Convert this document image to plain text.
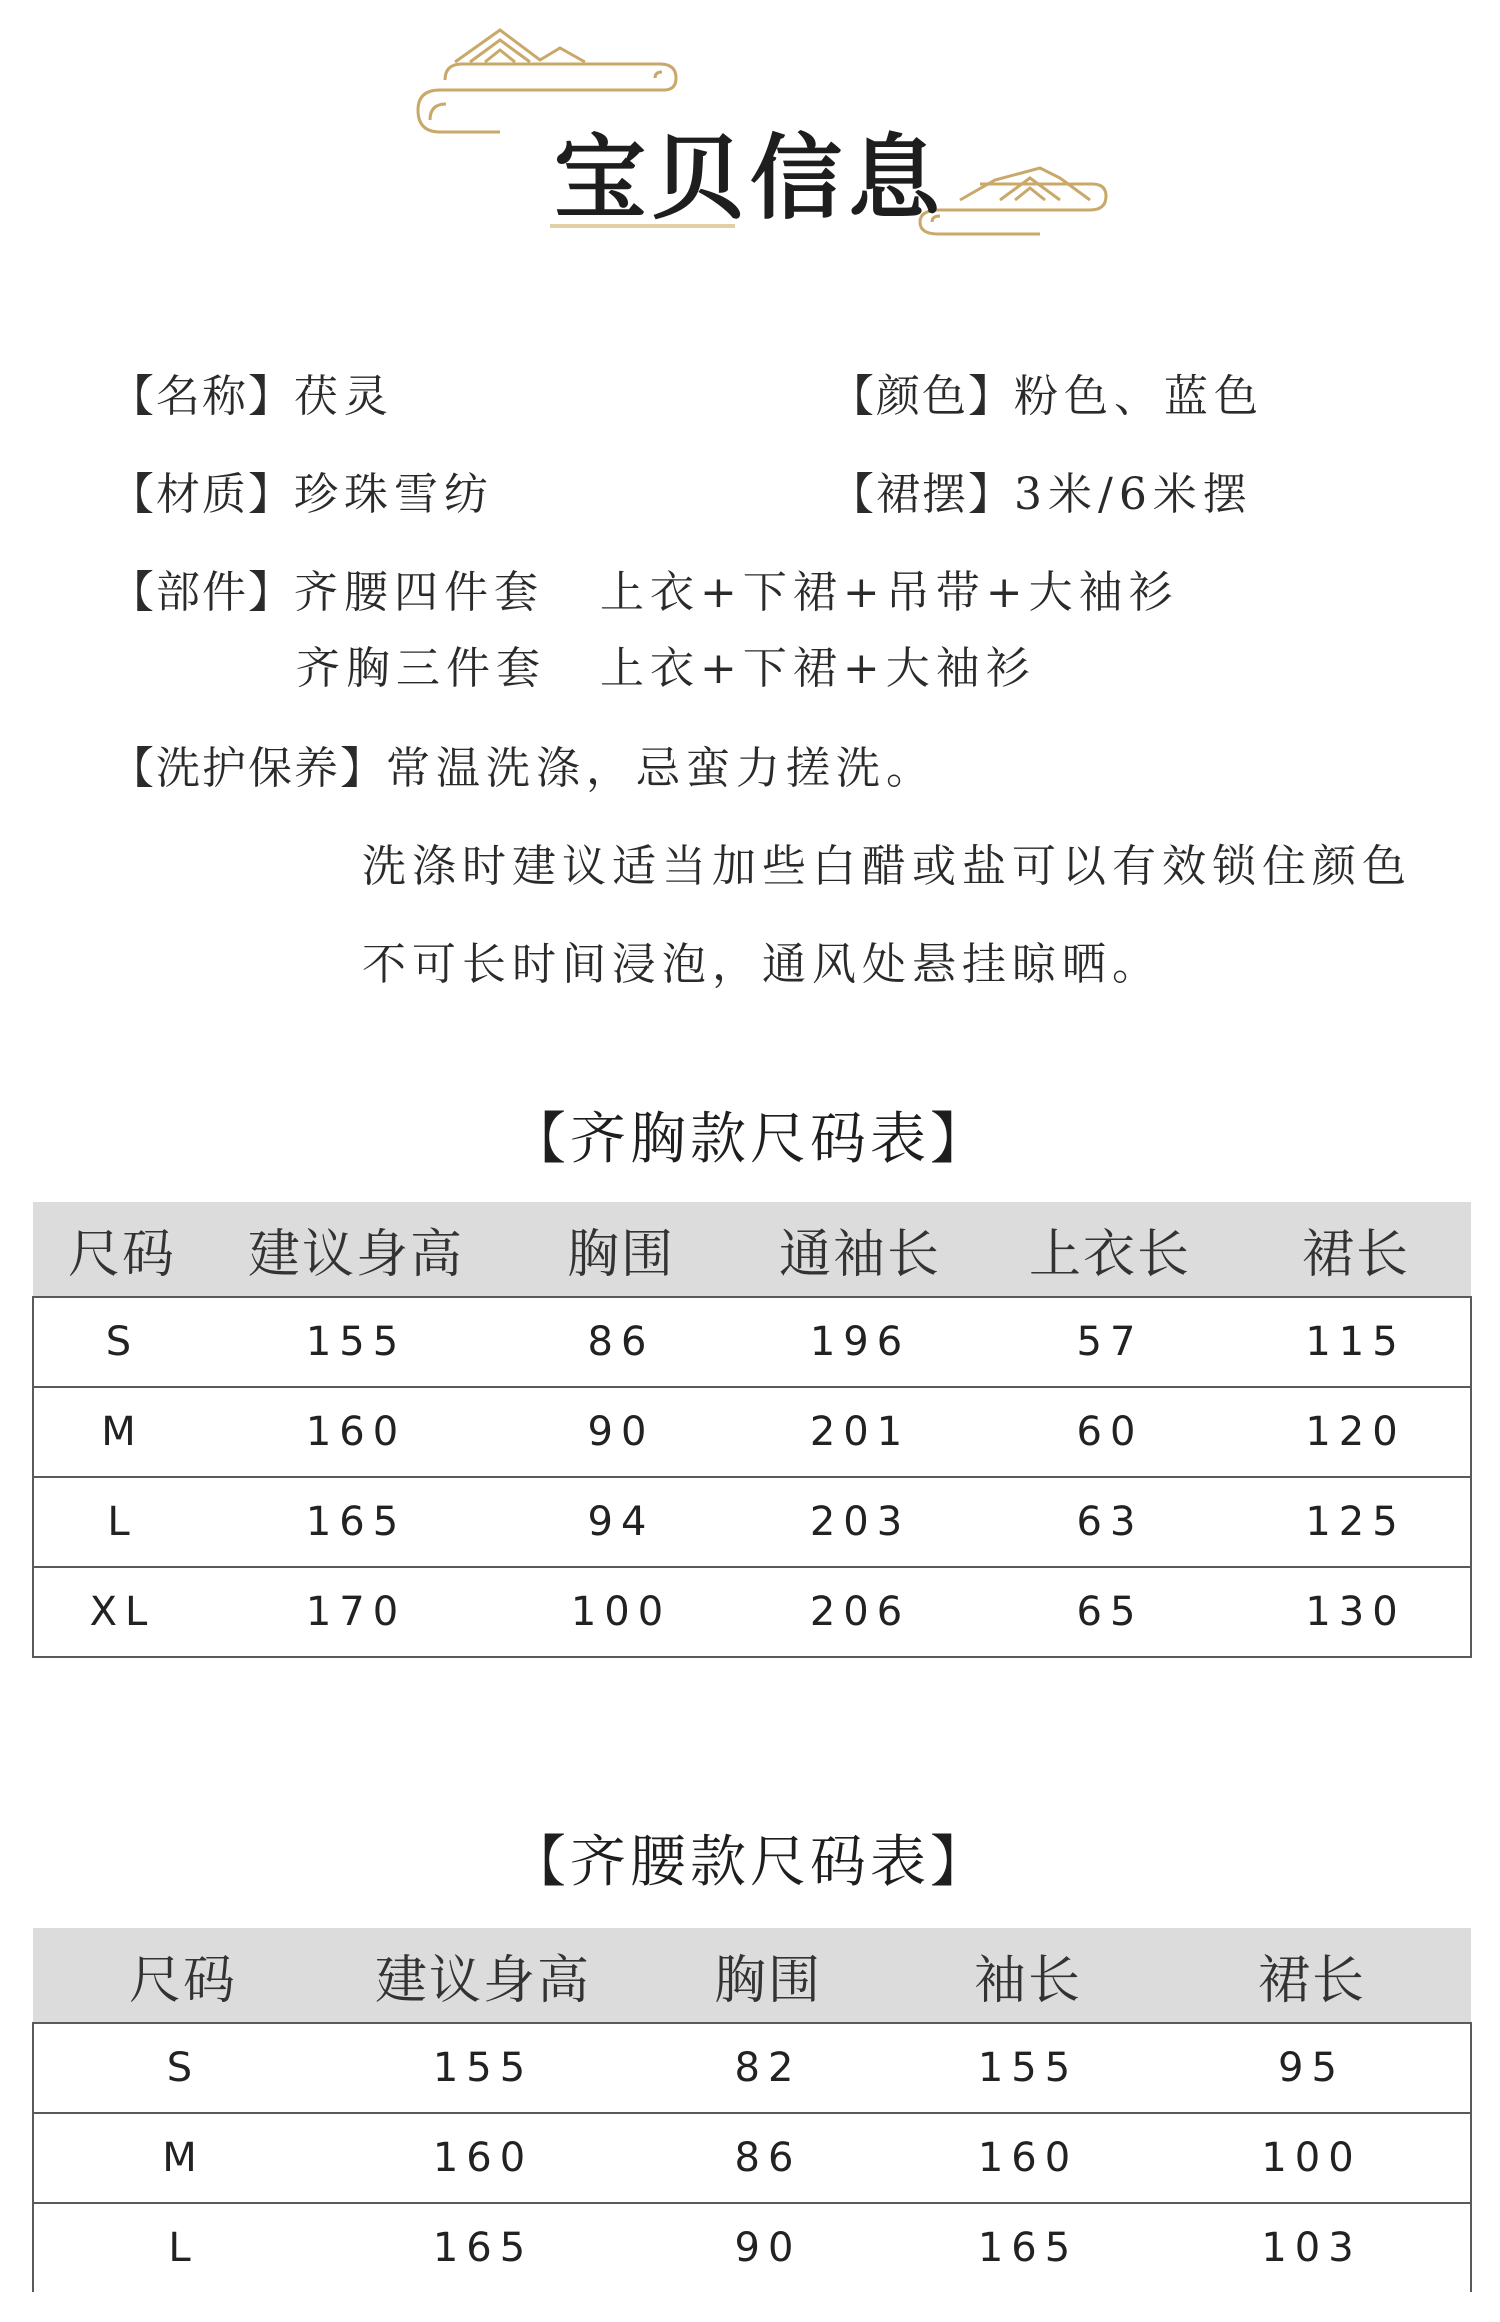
宝贝信息
【名称】茯灵	【颜色】粉色、蓝色
【材质】珍珠雪纺	【裙摆】3米/6米摆
【部件】齐腰四件套 上衣+下裙+吊带+大袖衫
齐胸三件套 上衣+下裙+大袖衫
【洗护保养】常温洗涤，忌蛮力搓洗。
洗涤时建议适当加些白醋或盐可以有效锁住颜色
不可长时间浸泡，通风处悬挂晾晒。
【齐胸款尺码表】
尺码	建议身高	胸围	通袖长	上衣长	裙长
S	155	86	196	57	115
M	160	90	201	60	120
L	165	94	203	63	125
XL	170	100	206	65	130
【齐腰款尺码表】
尺码	建议身高	胸围	袖长	裙长
S	155	82	155	95
M	160	86	160	100
L	165	90	165	103
